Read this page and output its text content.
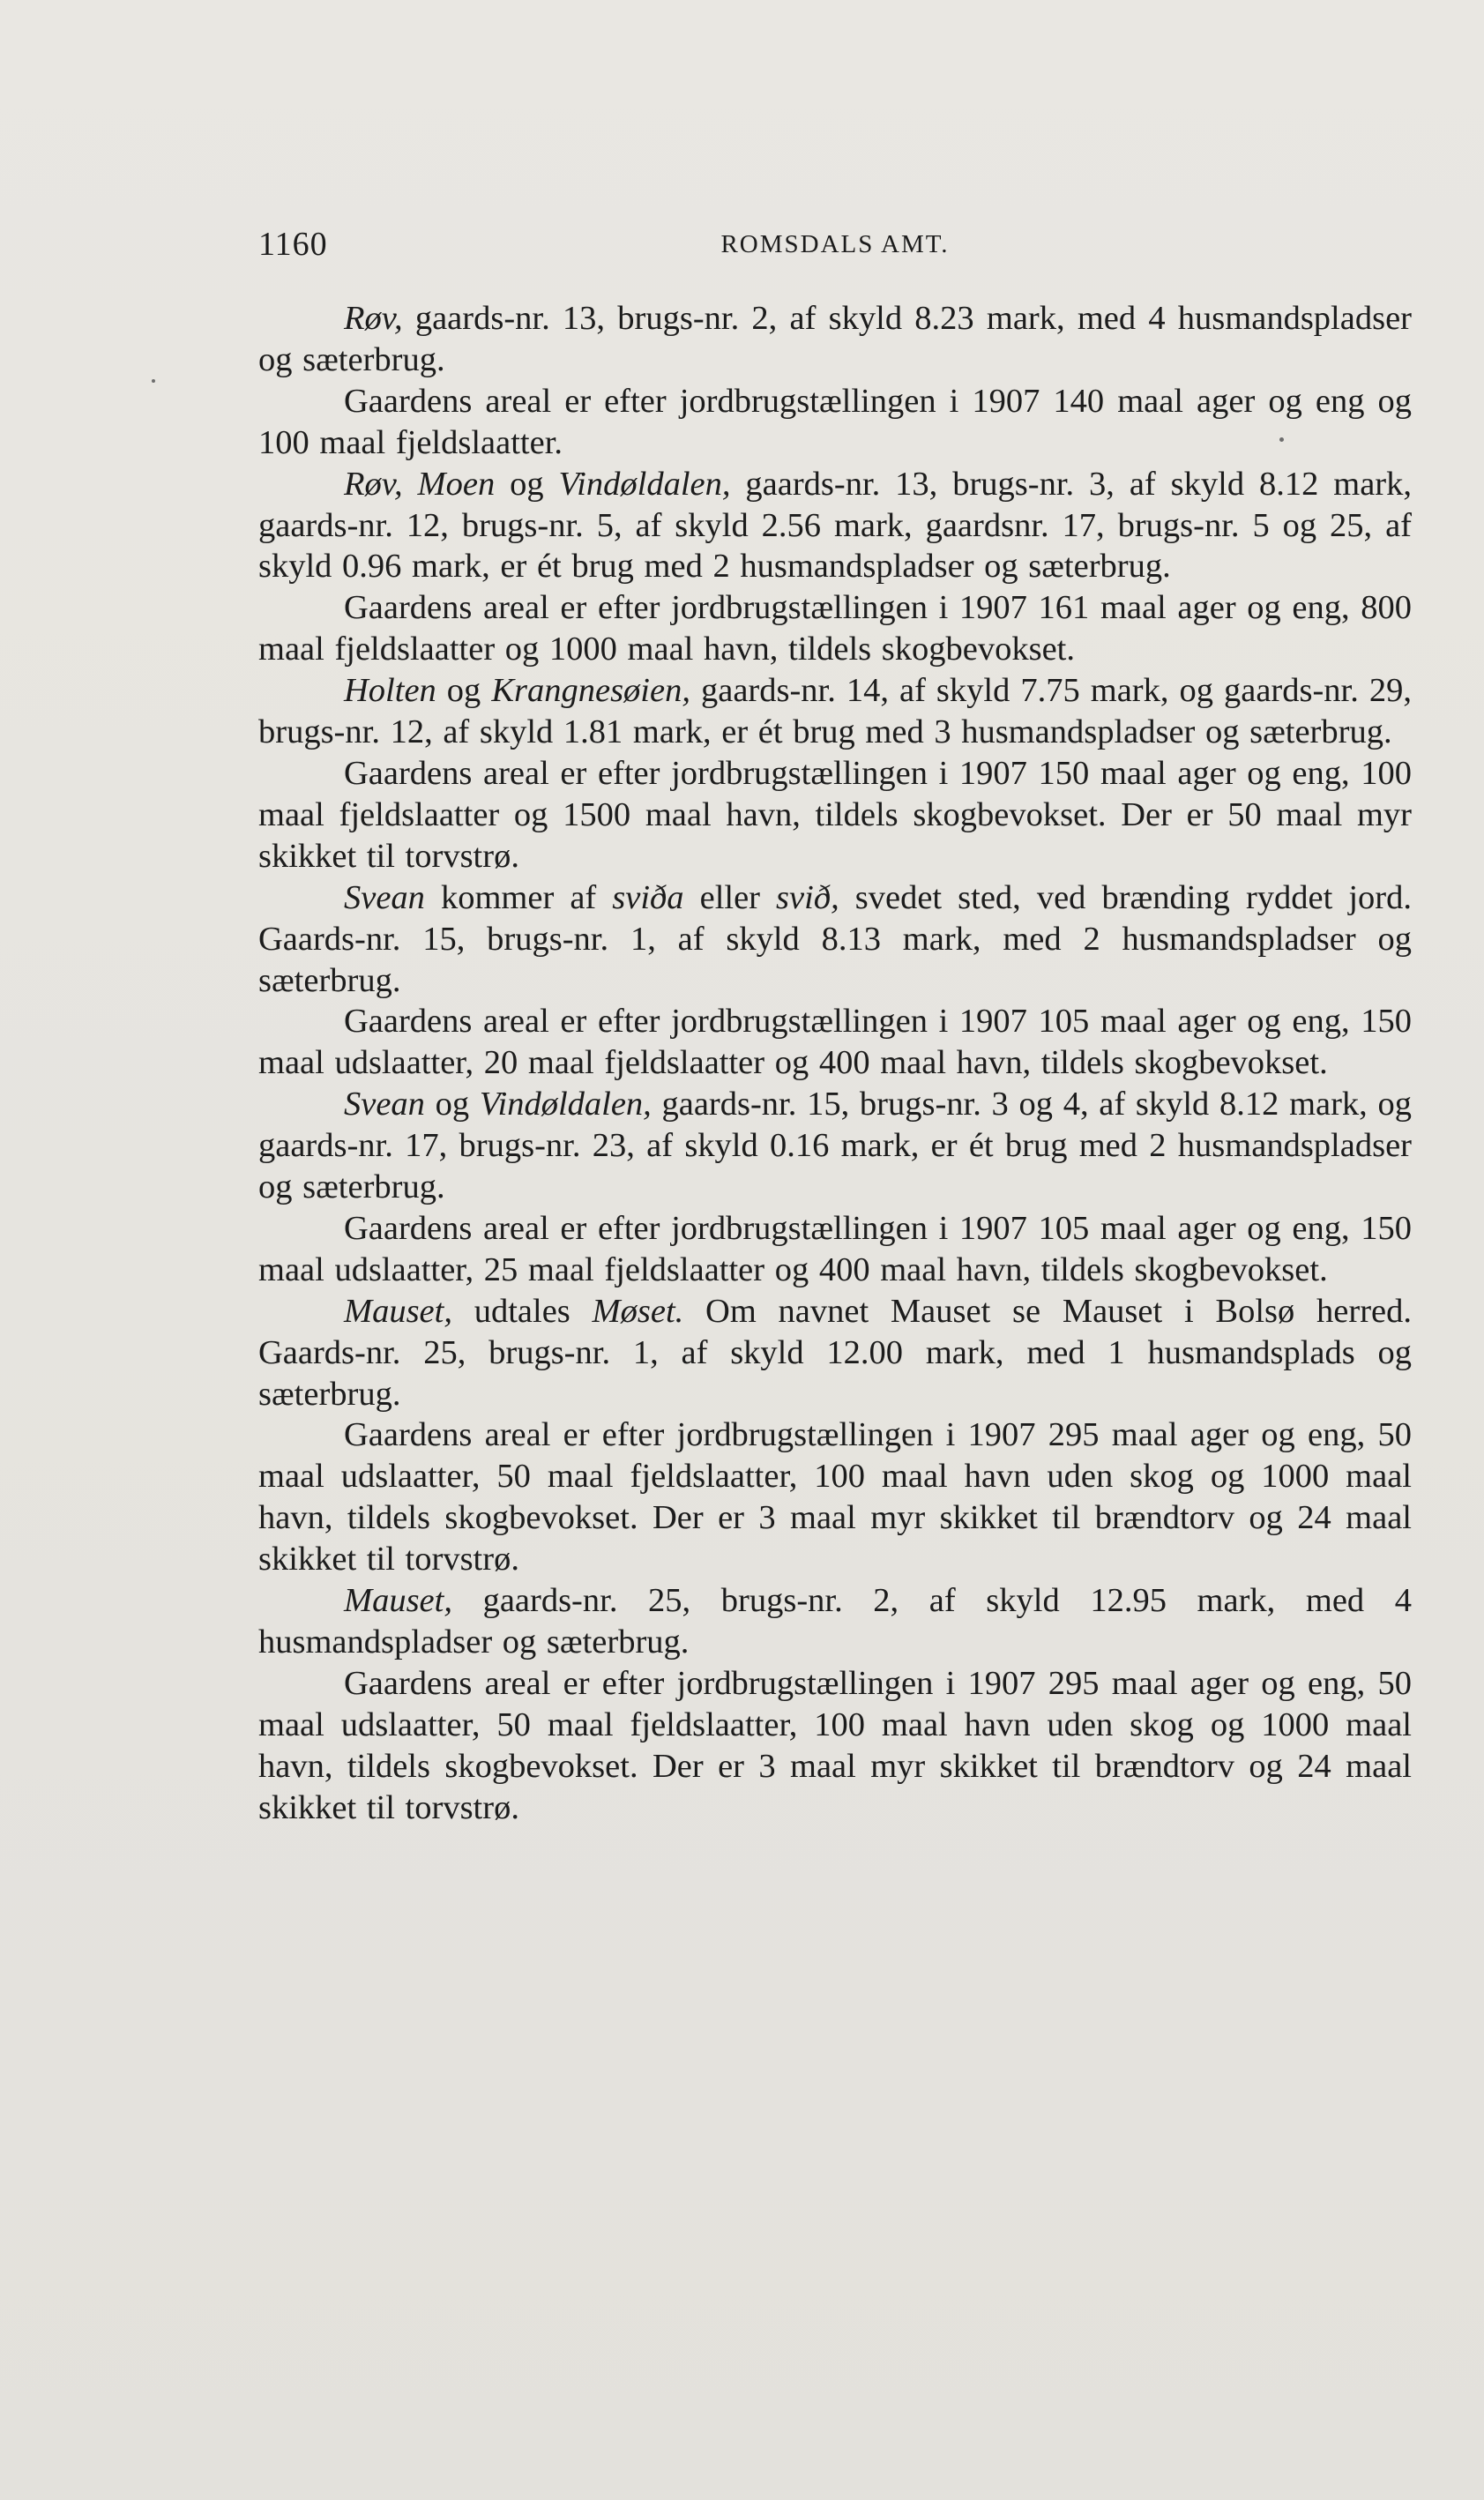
1160	ROMSDALS AMT.

Røv, gaards-nr. 13, brugs-nr. 2, af skyld 8.23 mark, med 4 husmandspladser og sæterbrug.

Gaardens areal er efter jordbrugstællingen i 1907 140 maal ager og eng og 100 maal fjeldslaatter.

Røv, Moen og Vindøldalen, gaards-nr. 13, brugs-nr. 3, af skyld 8.12 mark, gaards-nr. 12, brugs-nr. 5, af skyld 2.56 mark, gaardsnr. 17, brugs-nr. 5 og 25, af skyld 0.96 mark, er ét brug med 2 husmandspladser og sæterbrug.

Gaardens areal er efter jordbrugstællingen i 1907 161 maal ager og eng, 800 maal fjeldslaatter og 1000 maal havn, tildels skogbevokset.

Holten og Krangnesøien, gaards-nr. 14, af skyld 7.75 mark, og gaards-nr. 29, brugs-nr. 12, af skyld 1.81 mark, er ét brug med 3 husmandspladser og sæterbrug.

Gaardens areal er efter jordbrugstællingen i 1907 150 maal ager og eng, 100 maal fjeldslaatter og 1500 maal havn, tildels skogbevokset. Der er 50 maal myr skikket til torvstrø.

Svean kommer af sviða eller svið, svedet sted, ved brænding ryddet jord. Gaards-nr. 15, brugs-nr. 1, af skyld 8.13 mark, med 2 husmandspladser og sæterbrug.

Gaardens areal er efter jordbrugstællingen i 1907 105 maal ager og eng, 150 maal udslaatter, 20 maal fjeldslaatter og 400 maal havn, tildels skogbevokset.

Svean og Vindøldalen, gaards-nr. 15, brugs-nr. 3 og 4, af skyld 8.12 mark, og gaards-nr. 17, brugs-nr. 23, af skyld 0.16 mark, er ét brug med 2 husmandspladser og sæterbrug.

Gaardens areal er efter jordbrugstællingen i 1907 105 maal ager og eng, 150 maal udslaatter, 25 maal fjeldslaatter og 400 maal havn, tildels skogbevokset.

Mauset, udtales Møset. Om navnet Mauset se Mauset i Bolsø herred. Gaards-nr. 25, brugs-nr. 1, af skyld 12.00 mark, med 1 husmandsplads og sæterbrug.

Gaardens areal er efter jordbrugstællingen i 1907 295 maal ager og eng, 50 maal udslaatter, 50 maal fjeldslaatter, 100 maal havn uden skog og 1000 maal havn, tildels skogbevokset. Der er 3 maal myr skikket til brændtorv og 24 maal skikket til torvstrø.

Mauset, gaards-nr. 25, brugs-nr. 2, af skyld 12.95 mark, med 4 husmandspladser og sæterbrug.

Gaardens areal er efter jordbrugstællingen i 1907 295 maal ager og eng, 50 maal udslaatter, 50 maal fjeldslaatter, 100 maal havn uden skog og 1000 maal havn, tildels skogbevokset. Der er 3 maal myr skikket til brændtorv og 24 maal skikket til torvstrø.
